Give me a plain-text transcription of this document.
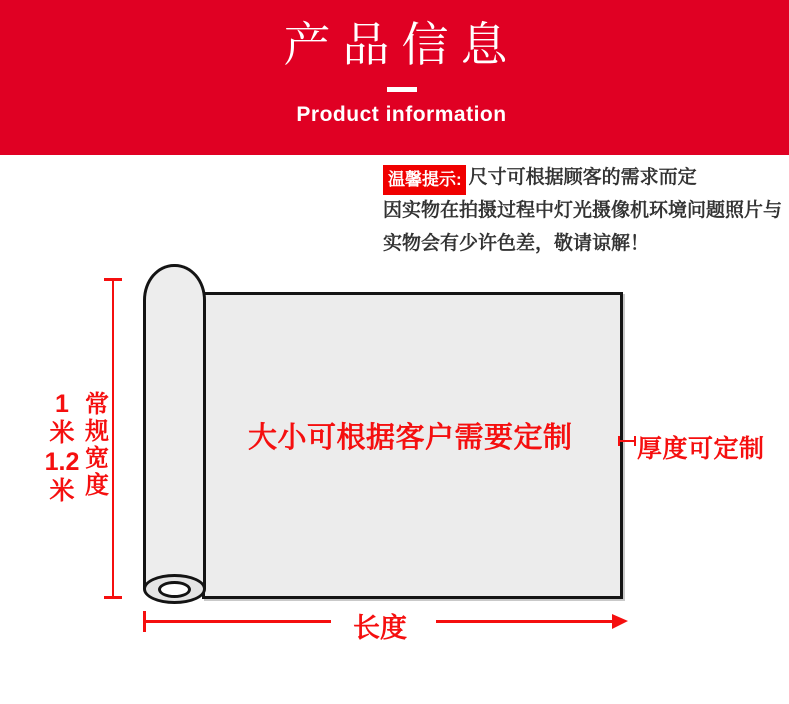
产品信息

Product information

温馨提示: 尺寸可根据顾客的需求而定
因实物在拍摄过程中灯光摄像机环境问题照片与
实物会有少许色差，敬请谅解！
大小可根据客户需要定制
1
米
1.2
米
常
规
宽
度
长度
厚度可定制
